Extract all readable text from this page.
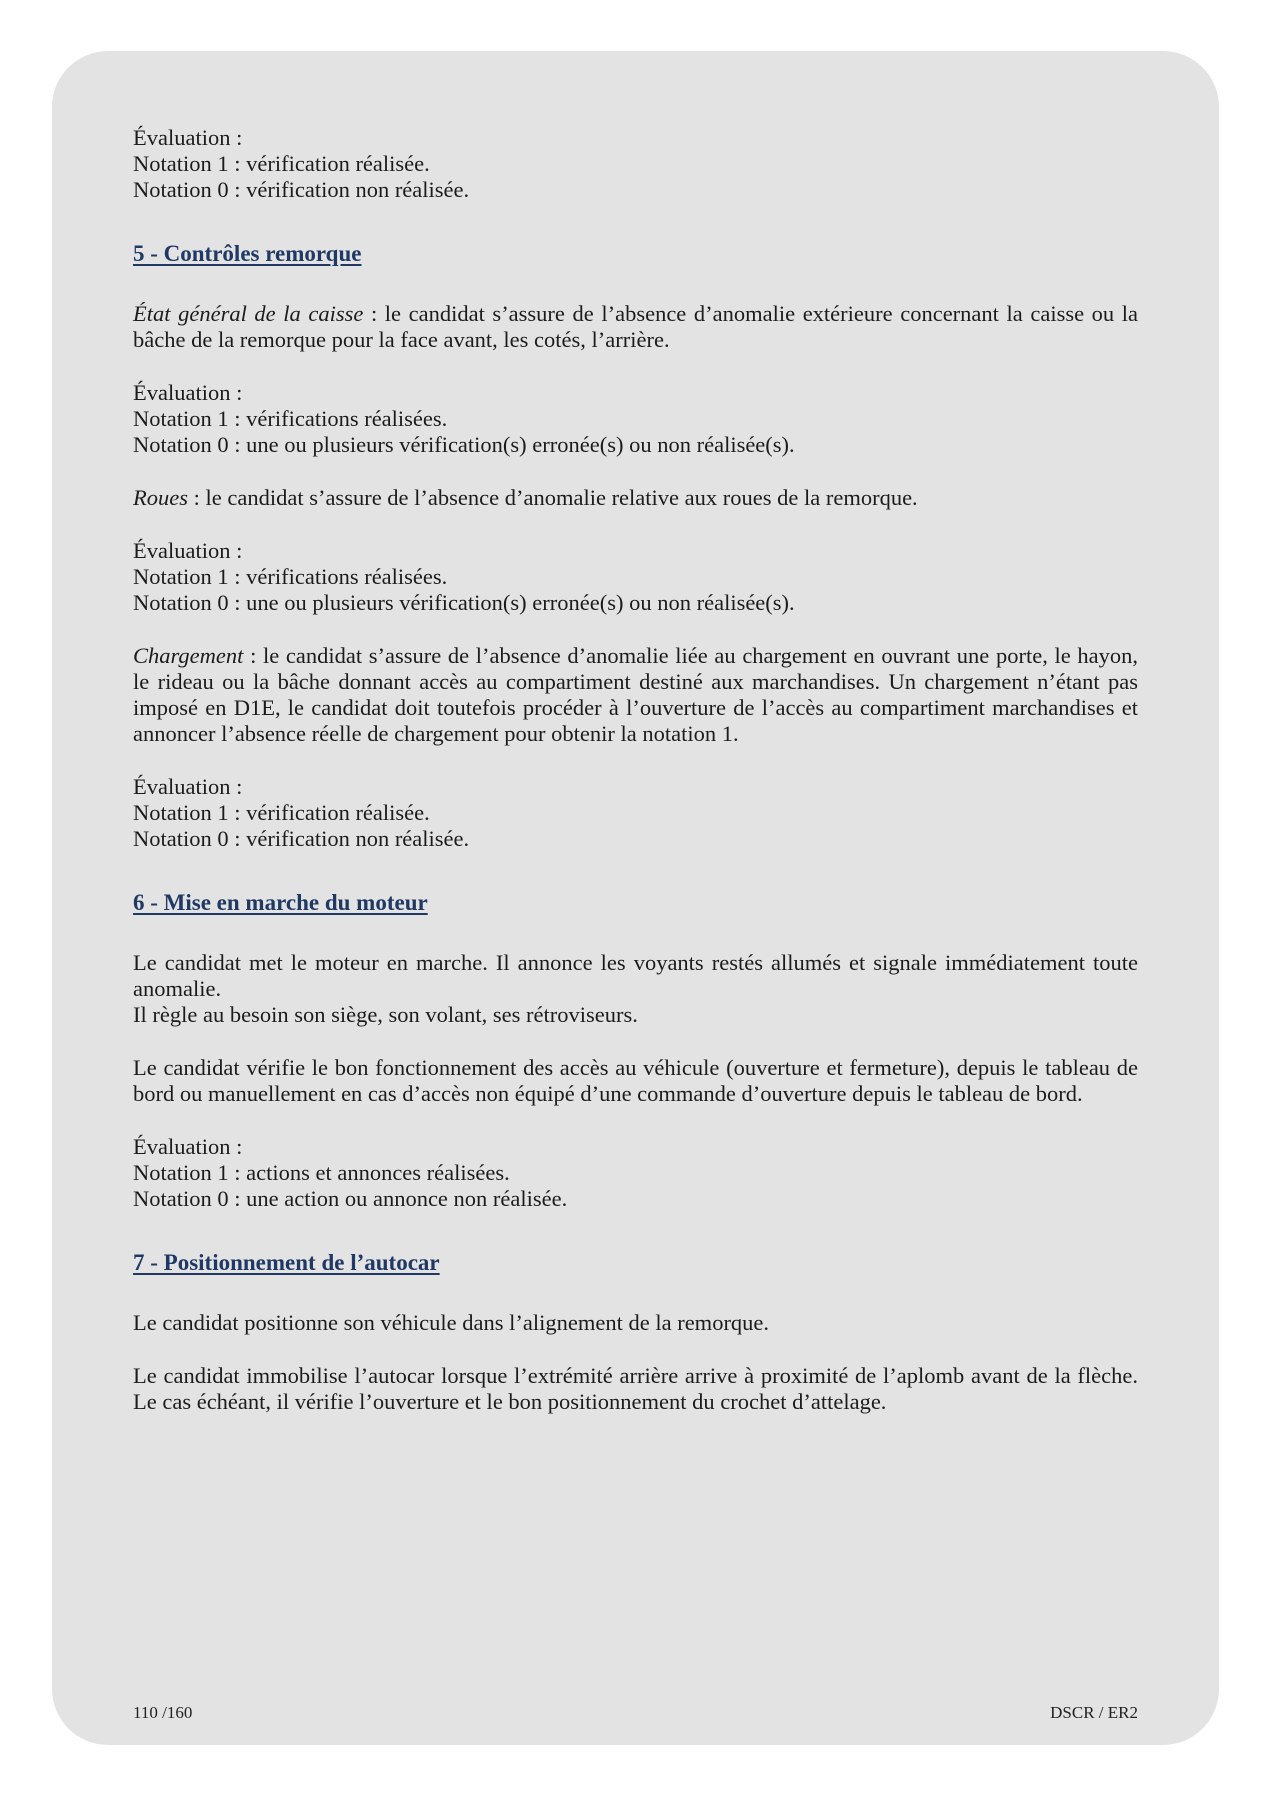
Évaluation :
Notation 1 : vérification réalisée.
Notation 0 : vérification non réalisée.
5 - Contrôles remorque
État général de la caisse : le candidat s’assure de l’absence d’anomalie extérieure concernant la caisse ou la bâche de la remorque pour la face avant, les cotés, l’arrière.
Évaluation :
Notation 1 : vérifications réalisées.
Notation 0 : une ou plusieurs vérification(s) erronée(s) ou non réalisée(s).
Roues : le candidat s’assure de l’absence d’anomalie relative aux roues de la remorque.
Évaluation :
Notation 1 : vérifications réalisées.
Notation 0 : une ou plusieurs vérification(s) erronée(s) ou non réalisée(s).
Chargement : le candidat s’assure de l’absence d’anomalie liée au chargement en ouvrant une porte, le hayon, le rideau ou la bâche donnant accès au compartiment destiné aux marchandises. Un chargement n’étant pas imposé en D1E, le candidat doit toutefois procéder à l’ouverture de l’accès au compartiment marchandises et annoncer l’absence réelle de chargement pour obtenir la notation 1.
Évaluation :
Notation 1 : vérification réalisée.
Notation 0 : vérification non réalisée.
6 - Mise en marche du moteur
Le candidat met le moteur en marche. Il annonce les voyants restés allumés et signale immédiatement toute anomalie.
Il règle au besoin son siège, son volant, ses rétroviseurs.
Le candidat vérifie le bon fonctionnement des accès au véhicule (ouverture et fermeture), depuis le tableau de bord ou manuellement en cas d’accès non équipé d’une commande d’ouverture depuis le tableau de bord.
Évaluation :
Notation 1 : actions et annonces réalisées.
Notation 0 : une action ou annonce non réalisée.
7 - Positionnement de l’autocar
Le candidat positionne son véhicule dans l’alignement de la remorque.
Le candidat immobilise l’autocar lorsque l’extrémité arrière arrive à proximité de l’aplomb avant de la flèche. Le cas échéant, il vérifie l’ouverture et le bon positionnement du crochet d’attelage.
110 /160	DSCR / ER2
